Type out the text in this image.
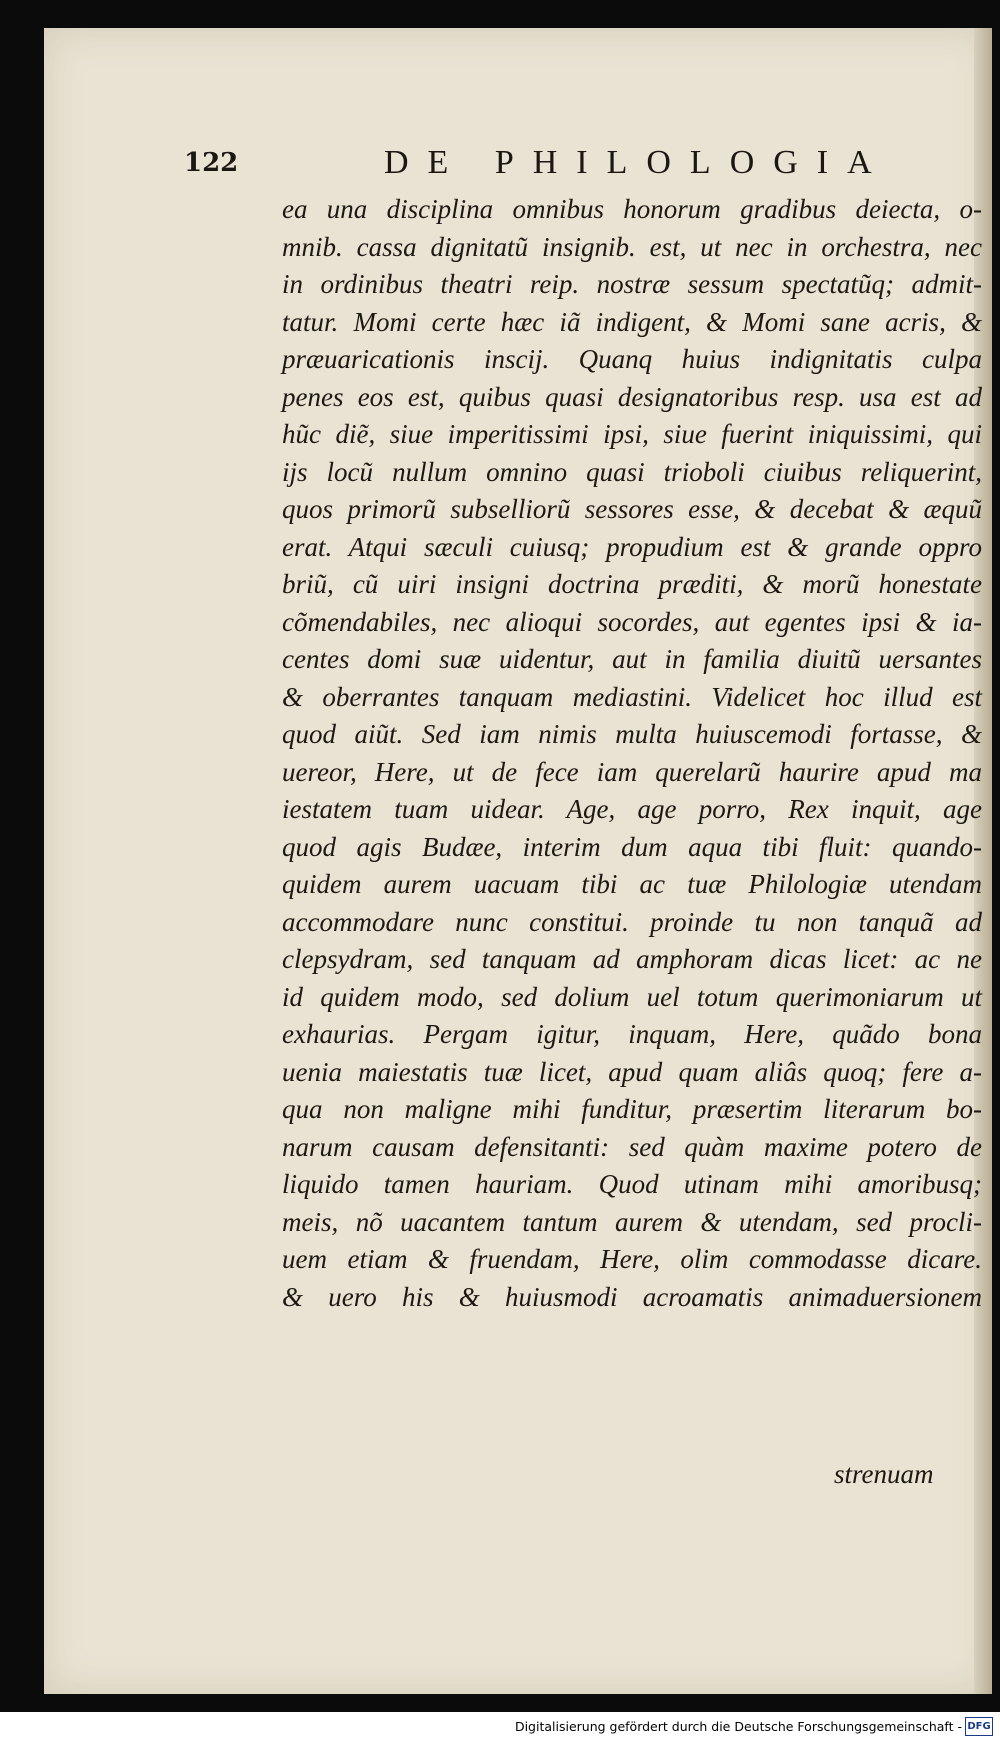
122	DE PHILOLOGIA
ea una disciplina omnibus honorum gradibus deiecta, o-
mnib. cassa dignitatũ insignib. est, ut nec in orchestra, nec
in ordinibus theatri reip. nostræ sessum spectatũq; admit-
tatur. Momi certe hæc iã indigent, & Momi sane acris, &
præuaricationis inscij. Quanq huius indignitatis culpa
penes eos est, quibus quasi designatoribus resp. usa est ad
hũc diẽ, siue imperitissimi ipsi, siue fuerint iniquissimi, qui
ijs locũ nullum omnino quasi trioboli ciuibus reliquerint,
quos primorũ subselliorũ sessores esse, & decebat & æquũ
erat. Atqui sæculi cuiusq; propudium est & grande oppro
briũ, cũ uiri insigni doctrina præditi, & morũ honestate
cõmendabiles, nec alioqui socordes, aut egentes ipsi & ia-
centes domi suæ uidentur, aut in familia diuitũ uersantes
& oberrantes tanquam mediastini. Videlicet hoc illud est
quod aiũt. Sed iam nimis multa huiuscemodi fortasse, &
uereor, Here, ut de fece iam querelarũ haurire apud ma
iestatem tuam uidear. Age, age porro, Rex inquit, age
quod agis Budæe, interim dum aqua tibi fluit: quando-
quidem aurem uacuam tibi ac tuæ Philologiæ utendam
accommodare nunc constitui. proinde tu non tanquã ad
clepsydram, sed tanquam ad amphoram dicas licet: ac ne
id quidem modo, sed dolium uel totum querimoniarum ut
exhaurias. Pergam igitur, inquam, Here, quãdo bona
uenia maiestatis tuæ licet, apud quam aliâs quoq; fere a-
qua non maligne mihi funditur, præsertim literarum bo-
narum causam defensitanti: sed quàm maxime potero de
liquido tamen hauriam. Quod utinam mihi amoribusq;
meis, nõ uacantem tantum aurem & utendam, sed procli-
uem etiam & fruendam, Here, olim commodasse dicare.
& uero his & huiusmodi acroamatis animaduersionem
strenuam
Digitalisierung gefördert durch die Deutsche Forschungsgemeinschaft - DFG
